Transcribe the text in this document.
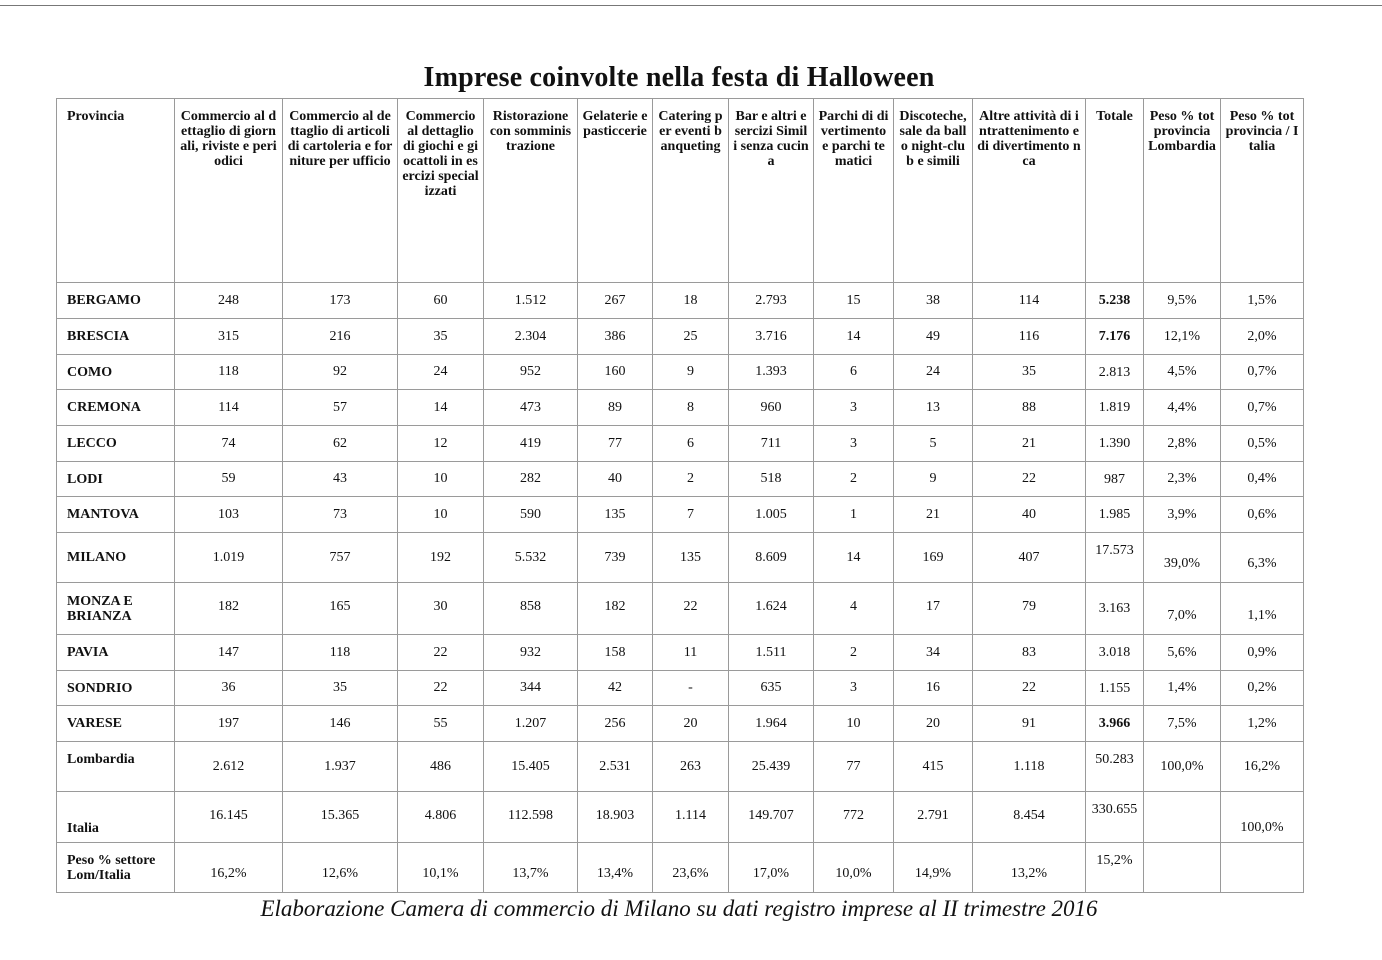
Imprese coinvolte nella festa di Halloween
Provincia	Commercio al dettaglio di giornali, riviste e periodici	Commercio al dettaglio di articoli di cartoleria e forniture per ufficio	Commercio al dettaglio di giochi e giocattoli in esercizi specializzati	Ristorazione con somministrazione	Gelaterie e pasticcerie	Catering per eventi banqueting	Bar e altri esercizi Simili senza cucina	Parchi di divertimento e parchi tematici	Discoteche, sale da ballo night-club e simili	Altre attività di intrattenimento e di divertimento nca	Totale	Peso % tot provincia Lombardia	Peso % tot provincia / Italia
BERGAMO	248	173	60	1.512	267	18	2.793	15	38	114	5.238	9,5%	1,5%
BRESCIA	315	216	35	2.304	386	25	3.716	14	49	116	7.176	12,1%	2,0%
COMO	118	92	24	952	160	9	1.393	6	24	35	2.813	4,5%	0,7%
CREMONA	114	57	14	473	89	8	960	3	13	88	1.819	4,4%	0,7%
LECCO	74	62	12	419	77	6	711	3	5	21	1.390	2,8%	0,5%
LODI	59	43	10	282	40	2	518	2	9	22	987	2,3%	0,4%
MANTOVA	103	73	10	590	135	7	1.005	1	21	40	1.985	3,9%	0,6%
MILANO	1.019	757	192	5.532	739	135	8.609	14	169	407	17.573	39,0%	6,3%
MONZA E BRIANZA	182	165	30	858	182	22	1.624	4	17	79	3.163	7,0%	1,1%
PAVIA	147	118	22	932	158	11	1.511	2	34	83	3.018	5,6%	0,9%
SONDRIO	36	35	22	344	42	-	635	3	16	22	1.155	1,4%	0,2%
VARESE	197	146	55	1.207	256	20	1.964	10	20	91	3.966	7,5%	1,2%
Lombardia	2.612	1.937	486	15.405	2.531	263	25.439	77	415	1.118	50.283	100,0%	16,2%
Italia	16.145	15.365	4.806	112.598	18.903	1.114	149.707	772	2.791	8.454	330.655		100,0%
Peso % settore Lom/Italia	16,2%	12,6%	10,1%	13,7%	13,4%	23,6%	17,0%	10,0%	14,9%	13,2%	15,2%		
Elaborazione Camera di commercio di Milano su dati registro imprese al II trimestre 2016
